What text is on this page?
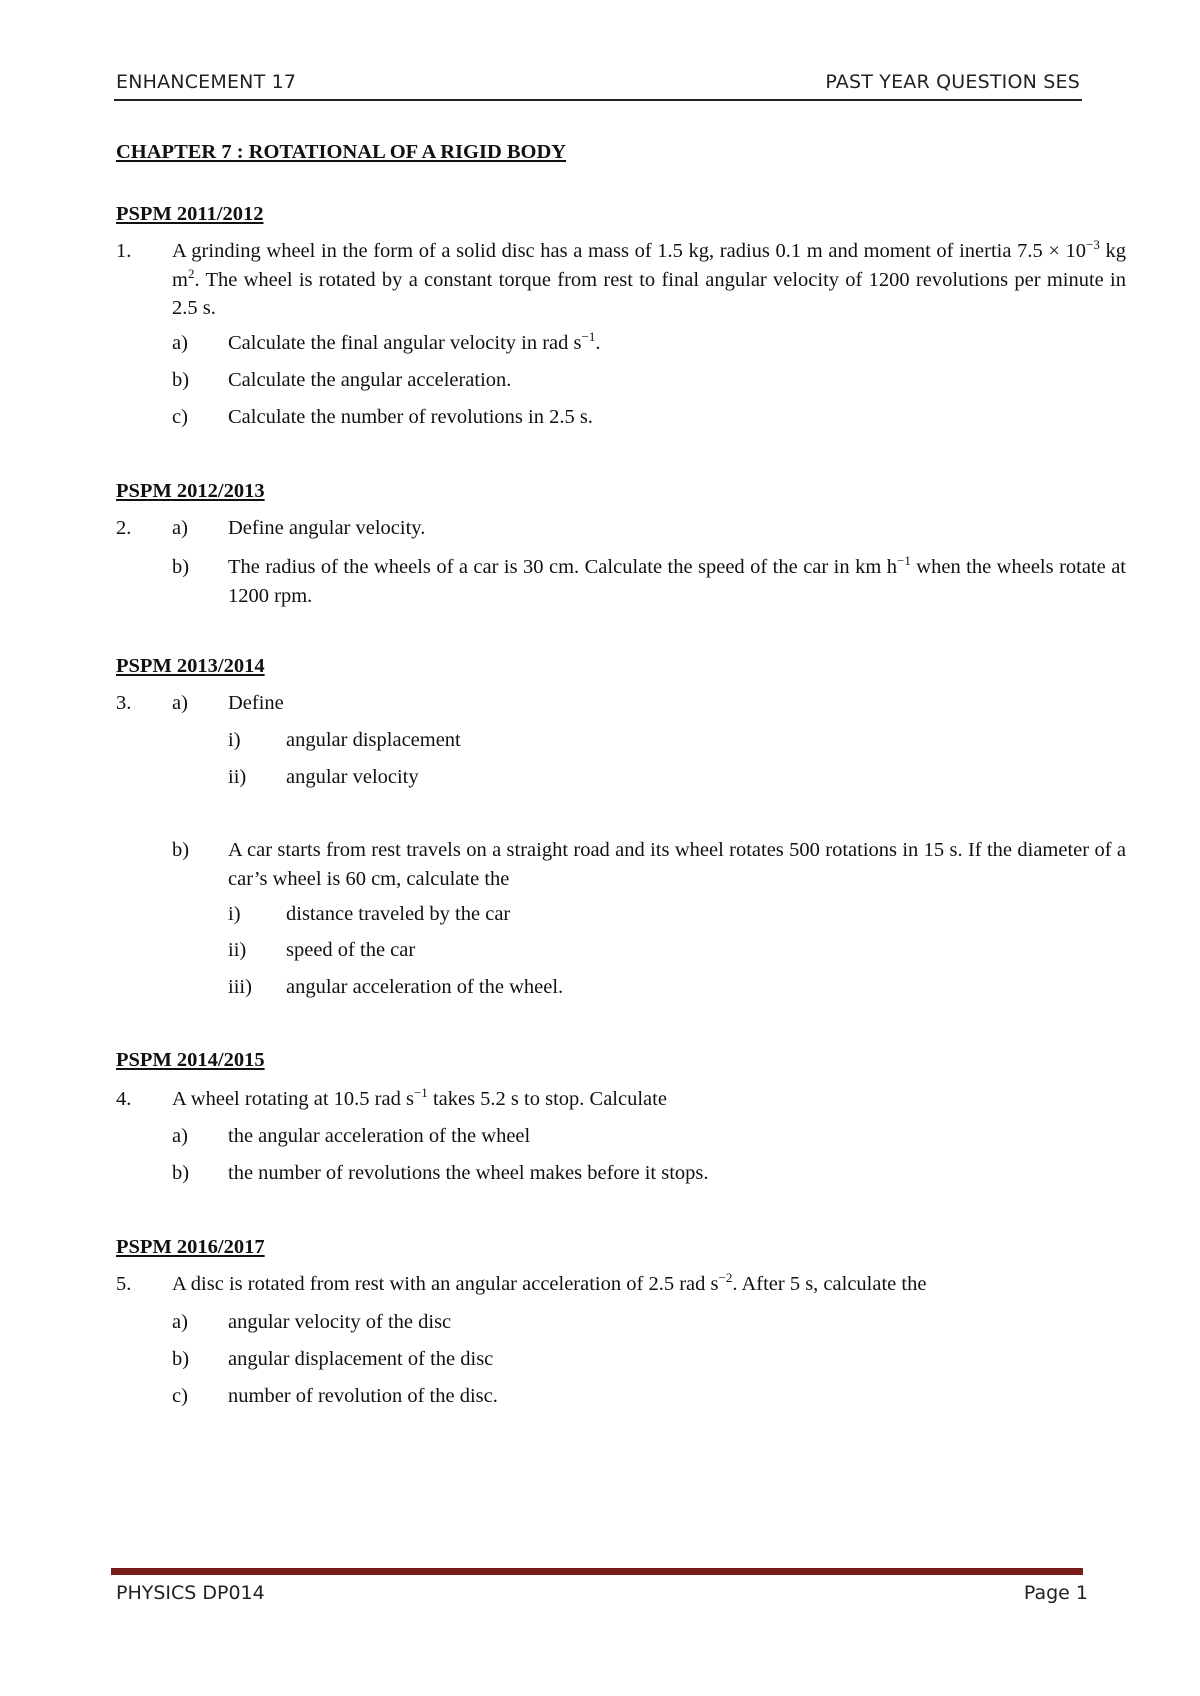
ENHANCEMENT 17	PAST YEAR QUESTION SES
CHAPTER 7 : ROTATIONAL OF A RIGID BODY
PSPM 2011/2012
1. A grinding wheel in the form of a solid disc has a mass of 1.5 kg, radius 0.1 m and moment of inertia $7.5 \times 10^{-3}$ kg $m^2$. The wheel is rotated by a constant torque from rest to final angular velocity of 1200 revolutions per minute in 2.5 s.
a) Calculate the final angular velocity in rad $s^{-1}$.
b) Calculate the angular acceleration.
c) Calculate the number of revolutions in 2.5 s.
PSPM 2012/2013
2. a) Define angular velocity.
b) The radius of the wheels of a car is 30 cm. Calculate the speed of the car in km $h^{-1}$ when the wheels rotate at 1200 rpm.
PSPM 2013/2014
3. a) Define
i) angular displacement
ii) angular velocity
b) A car starts from rest travels on a straight road and its wheel rotates 500 rotations in 15 s. If the diameter of a car’s wheel is 60 cm, calculate the
i) distance traveled by the car
ii) speed of the car
iii) angular acceleration of the wheel.
PSPM 2014/2015
4. A wheel rotating at 10.5 rad $s^{-1}$ takes 5.2 s to stop. Calculate
a) the angular acceleration of the wheel
b) the number of revolutions the wheel makes before it stops.
PSPM 2016/2017
5. A disc is rotated from rest with an angular acceleration of 2.5 rad $s^{-2}$. After 5 s, calculate the
a) angular velocity of the disc
b) angular displacement of the disc
c) number of revolution of the disc.
PHYSICS DP014	Page 1
